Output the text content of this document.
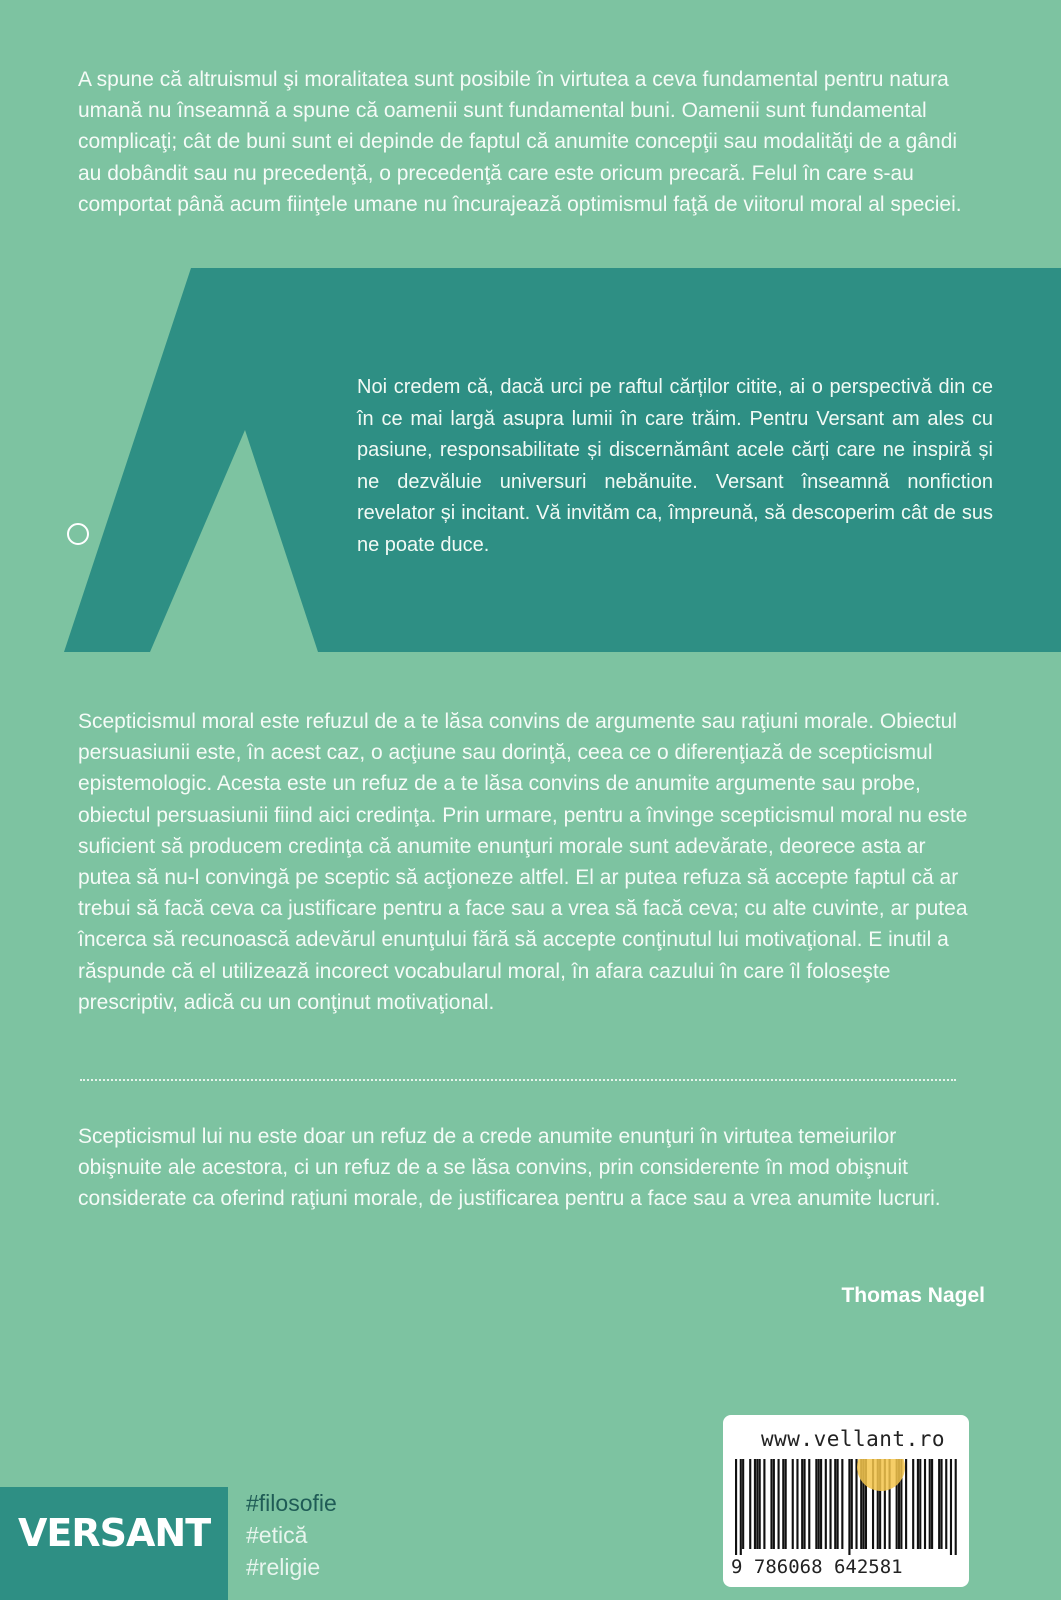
A spune că altruismul şi moralitatea sunt posibile în virtutea a ceva fundamental pentru natura umană nu înseamnă a spune că oamenii sunt fundamental buni. Oamenii sunt fundamental complicaţi; cât de buni sunt ei depinde de faptul că anumite concepţii sau modalităţi de a gândi au dobândit sau nu precedenţă, o precedenţă care este oricum precară. Felul în care s-au comportat până acum fiinţele umane nu încurajează optimismul faţă de viitorul moral al speciei.

Noi credem că, dacă urci pe raftul cărților citite, ai o perspectivă din ce în ce mai largă asupra lumii în care trăim. Pentru Versant am ales cu pasiune, responsabilitate și discernământ acele cărți care ne inspiră și ne dezvăluie universuri nebănuite. Versant înseamnă nonfiction revelator și incitant. Vă invităm ca, împreună, să descoperim cât de sus ne poate duce.

Scepticismul moral este refuzul de a te lăsa convins de argumente sau raţiuni morale. Obiectul persuasiunii este, în acest caz, o acţiune sau dorinţă, ceea ce o diferenţiază de scepticismul epistemologic. Acesta este un refuz de a te lăsa convins de anumite argumente sau probe, obiectul persuasiunii fiind aici credinţa. Prin urmare, pentru a învinge scepticismul moral nu este suficient să producem credinţa că anumite enunţuri morale sunt adevărate, deorece asta ar putea să nu-l convingă pe sceptic să acţioneze altfel. El ar putea refuza să accepte faptul că ar trebui să facă ceva ca justificare pentru a face sau a vrea să facă ceva; cu alte cuvinte, ar putea încerca să recunoască adevărul enunţului fără să accepte conţinutul lui motivaţional. E inutil a răspunde că el utilizează incorect vocabularul moral, în afara cazului în care îl foloseşte prescriptiv, adică cu un conţinut motivaţional.

Scepticismul lui nu este doar un refuz de a crede anumite enunţuri în virtutea temeiurilor obişnuite ale acestora, ci un refuz de a se lăsa convins, prin considerente în mod obişnuit considerate ca oferind raţiuni morale, de justificarea pentru a face sau a vrea anumite lucruri.

Thomas Nagel

www.vellant.ro

9 786068 642581

VERSANT

#filosofie
#etică
#religie
